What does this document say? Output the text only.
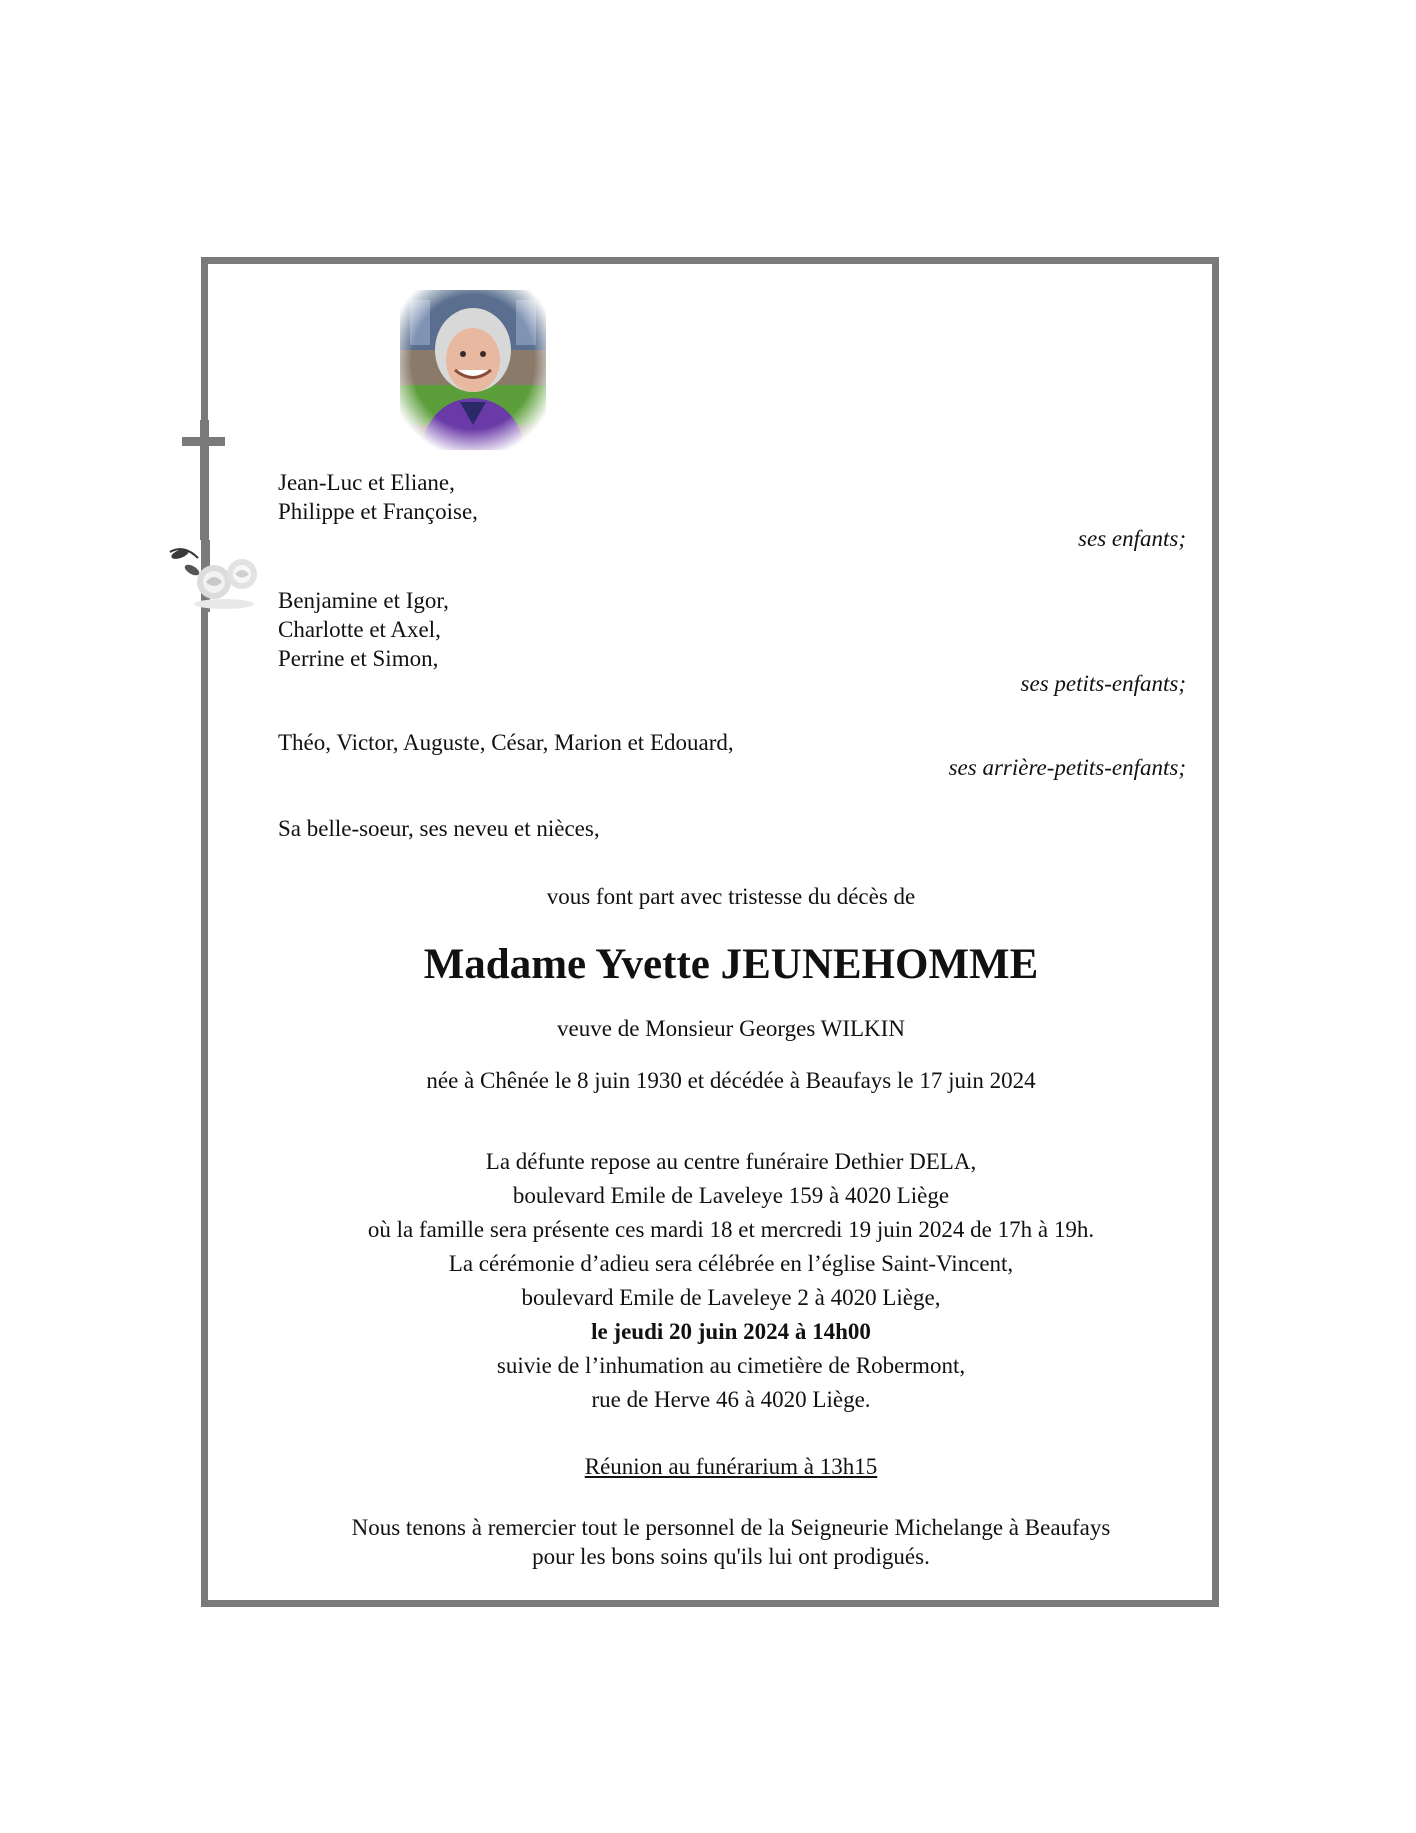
Jean-Luc et Eliane,
Philippe et Françoise,

ses enfants;

Benjamine et Igor,
Charlotte et Axel,
Perrine et Simon,

ses petits-enfants;

Théo, Victor, Auguste, César, Marion et Edouard,

ses arrière-petits-enfants;

Sa belle-soeur, ses neveu et nièces,

vous font part avec tristesse du décès de
Madame Yvette JEUNEHOMME
veuve de Monsieur Georges WILKIN
née à Chênée le 8 juin 1930 et décédée à Beaufays le 17 juin 2024
La défunte repose au centre funéraire Dethier DELA,
boulevard Emile de Laveleye 159 à 4020 Liège
où la famille sera présente ces mardi 18 et mercredi 19 juin 2024 de 17h à 19h.
La cérémonie d’adieu sera célébrée en l’église Saint-Vincent,
boulevard Emile de Laveleye 2 à 4020 Liège,
le jeudi 20 juin 2024 à 14h00
suivie de l’inhumation au cimetière de Robermont,
rue de Herve 46 à 4020 Liège.
Réunion au funérarium à 13h15
Nous tenons à remercier tout le personnel de la Seigneurie Michelange à Beaufays
pour les bons soins qu'ils lui ont prodigués.
